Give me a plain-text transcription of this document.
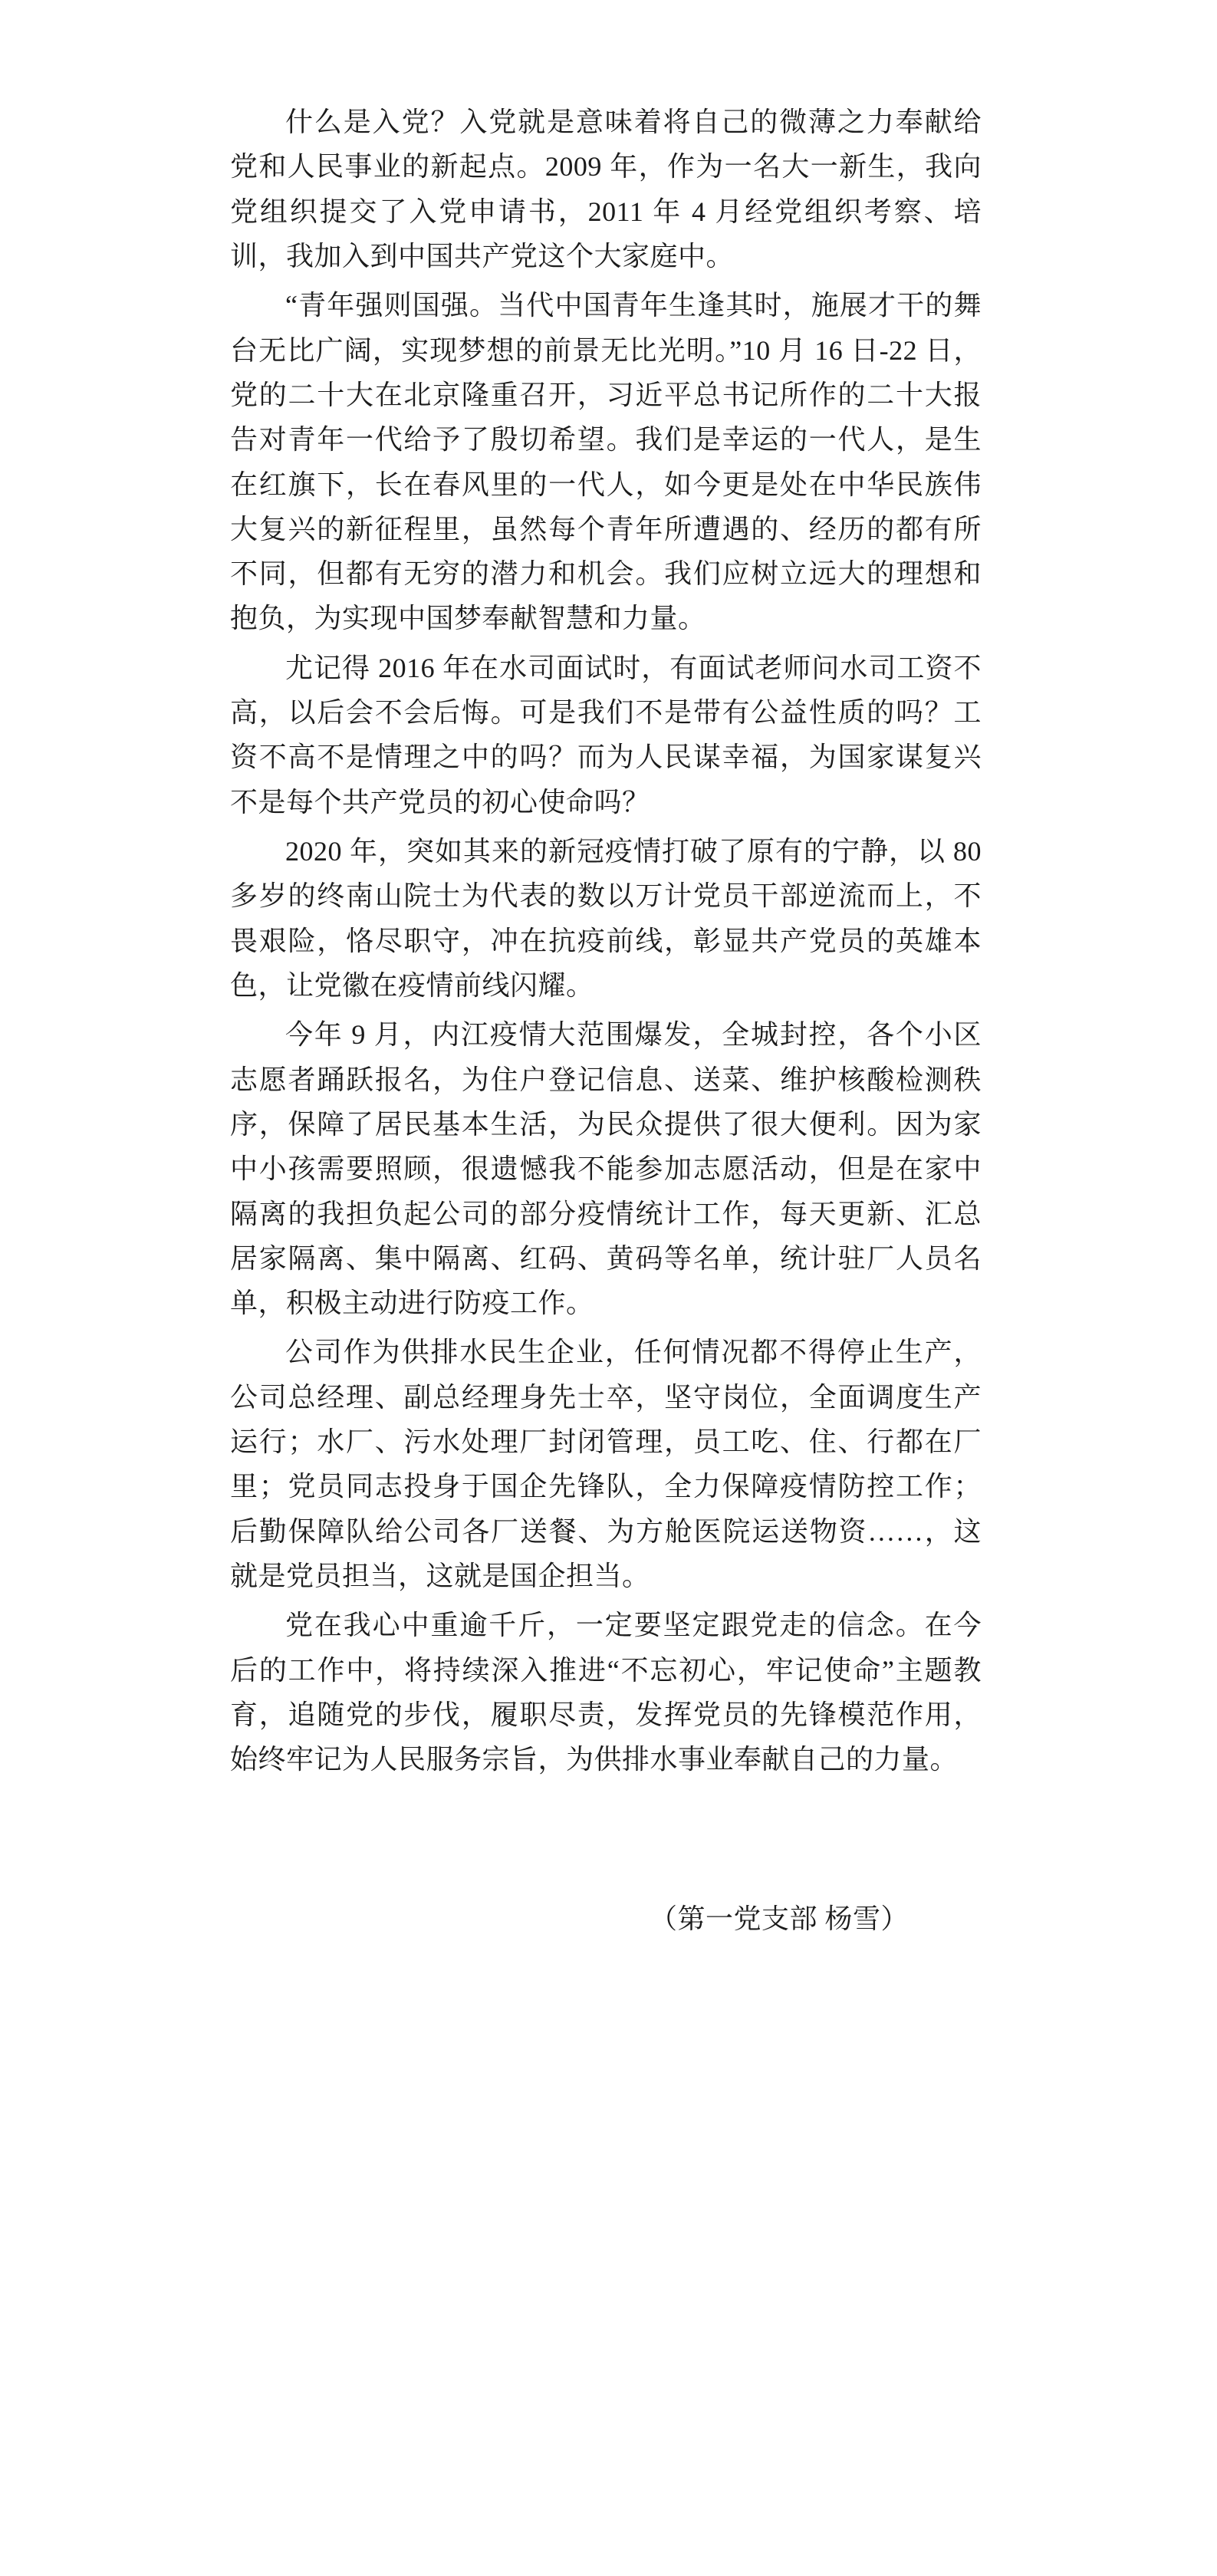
什么是入党？入党就是意味着将自己的微薄之力奉献给党和人民事业的新起点。2009 年，作为一名大一新生，我向党组织提交了入党申请书，2011 年 4 月经党组织考察、培训，我加入到中国共产党这个大家庭中。

“青年强则国强。当代中国青年生逢其时，施展才干的舞台无比广阔，实现梦想的前景无比光明。”10 月 16 日-22 日，党的二十大在北京隆重召开，习近平总书记所作的二十大报告对青年一代给予了殷切希望。我们是幸运的一代人，是生在红旗下，长在春风里的一代人，如今更是处在中华民族伟大复兴的新征程里，虽然每个青年所遭遇的、经历的都有所不同，但都有无穷的潜力和机会。我们应树立远大的理想和抱负，为实现中国梦奉献智慧和力量。

尤记得 2016 年在水司面试时，有面试老师问水司工资不高，以后会不会后悔。可是我们不是带有公益性质的吗？工资不高不是情理之中的吗？而为人民谋幸福，为国家谋复兴不是每个共产党员的初心使命吗？

2020 年，突如其来的新冠疫情打破了原有的宁静，以 80 多岁的终南山院士为代表的数以万计党员干部逆流而上，不畏艰险，恪尽职守，冲在抗疫前线，彰显共产党员的英雄本色，让党徽在疫情前线闪耀。

今年 9 月，内江疫情大范围爆发，全城封控，各个小区志愿者踊跃报名，为住户登记信息、送菜、维护核酸检测秩序，保障了居民基本生活，为民众提供了很大便利。因为家中小孩需要照顾，很遗憾我不能参加志愿活动，但是在家中隔离的我担负起公司的部分疫情统计工作，每天更新、汇总居家隔离、集中隔离、红码、黄码等名单，统计驻厂人员名单，积极主动进行防疫工作。

公司作为供排水民生企业，任何情况都不得停止生产，公司总经理、副总经理身先士卒，坚守岗位，全面调度生产运行；水厂、污水处理厂封闭管理，员工吃、住、行都在厂里；党员同志投身于国企先锋队，全力保障疫情防控工作；后勤保障队给公司各厂送餐、为方舱医院运送物资……，这就是党员担当，这就是国企担当。

党在我心中重逾千斤，一定要坚定跟党走的信念。在今后的工作中，将持续深入推进“不忘初心，牢记使命”主题教育，追随党的步伐，履职尽责，发挥党员的先锋模范作用，始终牢记为人民服务宗旨，为供排水事业奉献自己的力量。

（第一党支部 杨雪）
